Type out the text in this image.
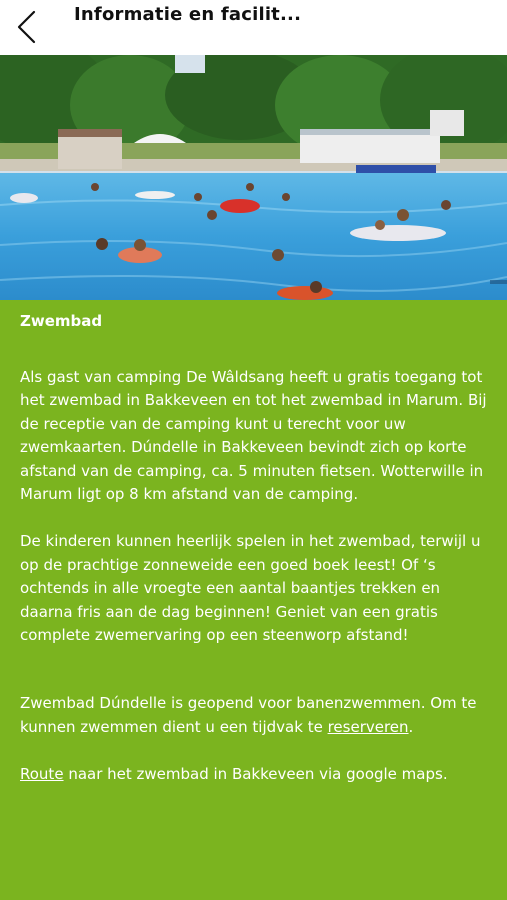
Informatie en facilit...
Zwembad

Als gast van camping De Wâldsang heeft u gratis toegang tot het zwembad in Bakkeveen en tot het zwembad in Marum. Bij de receptie van de camping kunt u terecht voor uw zwemkaarten. Dúndelle in Bakkeveen bevindt zich op korte afstand van de camping, ca. 5 minuten fietsen. Wotterwille in Marum ligt op 8 km afstand van de camping.

De kinderen kunnen heerlijk spelen in het zwembad, terwijl u op de prachtige zonneweide een goed boek leest! Of ‘s ochtends in alle vroegte een aantal baantjes trekken en daarna fris aan de dag beginnen! Geniet van een gratis complete zwemervaring op een steenworp afstand!

Zwembad Dúndelle is geopend voor banenzwemmen. Om te kunnen zwemmen dient u een tijdvak te reserveren.

Route naar het zwembad in Bakkeveen via google maps.
